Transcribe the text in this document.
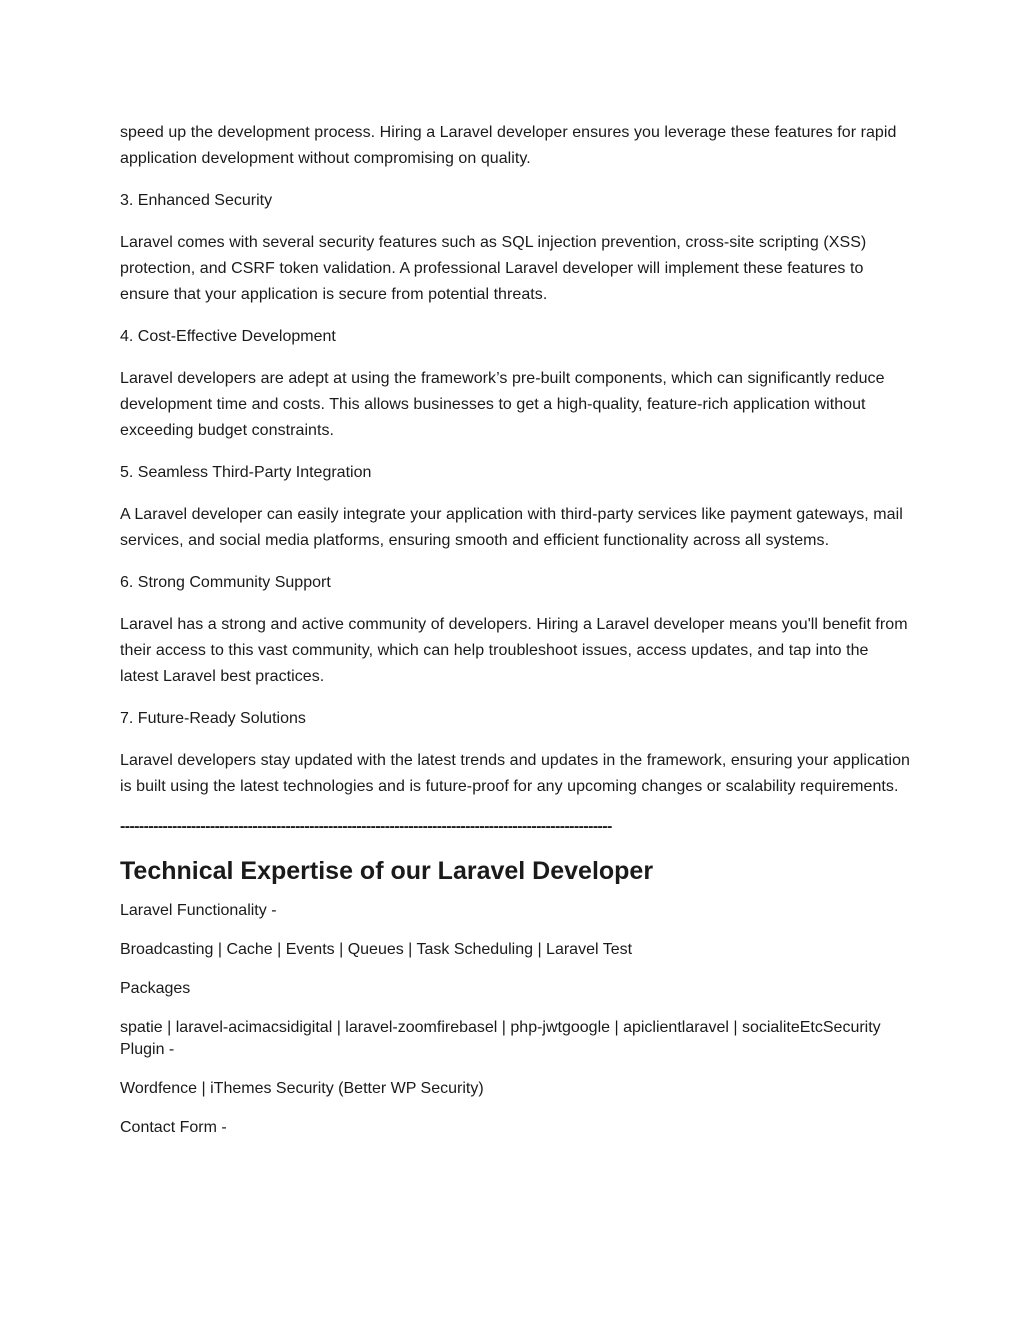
speed up the development process. Hiring a Laravel developer ensures you leverage these features for rapid application development without compromising on quality.

3. Enhanced Security

Laravel comes with several security features such as SQL injection prevention, cross-site scripting (XSS) protection, and CSRF token validation. A professional Laravel developer will implement these features to ensure that your application is secure from potential threats.

4. Cost-Effective Development

Laravel developers are adept at using the framework’s pre-built components, which can significantly reduce development time and costs. This allows businesses to get a high-quality, feature-rich application without exceeding budget constraints.

5. Seamless Third-Party Integration

A Laravel developer can easily integrate your application with third-party services like payment gateways, mail services, and social media platforms, ensuring smooth and efficient functionality across all systems.

6. Strong Community Support

Laravel has a strong and active community of developers. Hiring a Laravel developer means you'll benefit from their access to this vast community, which can help troubleshoot issues, access updates, and tap into the latest Laravel best practices.

7. Future-Ready Solutions

Laravel developers stay updated with the latest trends and updates in the framework, ensuring your application is built using the latest technologies and is future-proof for any upcoming changes or scalability requirements.

--------------------------------------------------------------------------------------------------------
Technical Expertise of our Laravel Developer

Laravel Functionality -

Broadcasting | Cache | Events | Queues | Task Scheduling | Laravel Test

Packages

spatie | laravel-acimacsidigital | laravel-zoomfirebasel | php-jwtgoogle | apiclientlaravel | socialiteEtcSecurity Plugin -

Wordfence | iThemes Security (Better WP Security)

Contact Form -
